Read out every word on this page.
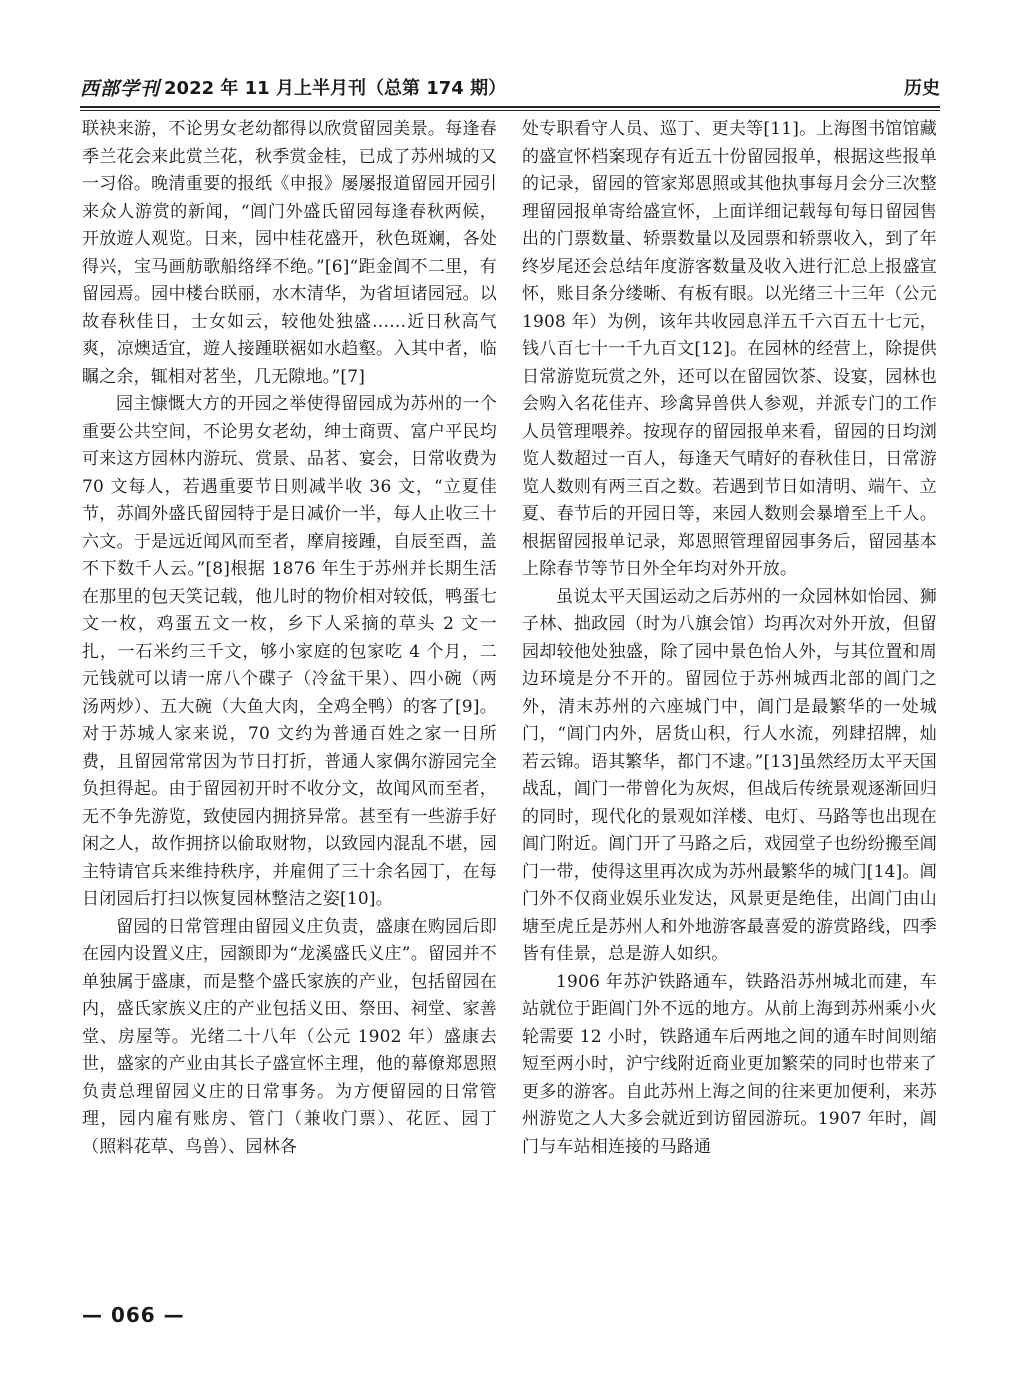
西部学刊 2022 年 11 月上半月刊（总第 174 期）	历史

联袂来游，不论男女老幼都得以欣赏留园美景。每逢春季兰花会来此赏兰花，秋季赏金桂，已成了苏州城的又一习俗。晚清重要的报纸《申报》屡屡报道留园开园引来众人游赏的新闻，“阊门外盛氏留园每逢春秋两候，开放遊人观览。日来，园中桂花盛开，秋色斑斓，各处得兴，宝马画舫歌船络绎不绝。”[6]“距金阊不二里，有留园焉。园中楼台眹丽，水木清华，为省垣诸园冠。以故春秋佳日，士女如云，较他处独盛……近日秋高气爽，凉燠适宜，遊人接踵联裾如水趋壑。入其中者，临瞩之余，辄相对茗坐，几无隙地。”[7]

园主慷慨大方的开园之举使得留园成为苏州的一个重要公共空间，不论男女老幼，绅士商贾、富户平民均可来这方园林内游玩、赏景、品茗、宴会，日常收费为 70 文每人，若遇重要节日则减半收 36 文，“立夏佳节，苏阊外盛氏留园特于是日减价一半，每人止收三十六文。于是远近闻风而至者，摩肩接踵，自辰至酉，盖不下数千人云。”[8]根据 1876 年生于苏州并长期生活在那里的包天笑记载，他儿时的物价相对较低，鸭蛋七文一枚，鸡蛋五文一枚，乡下人采摘的草头 2 文一扎，一石米约三千文，够小家庭的包家吃 4 个月，二元钱就可以请一席八个碟子（冷盆干果）、四小碗（两汤两炒）、五大碗（大鱼大肉，全鸡全鸭）的客了[9]。对于苏城人家来说，70 文约为普通百姓之家一日所费，且留园常常因为节日打折，普通人家偶尔游园完全负担得起。由于留园初开时不收分文，故闻风而至者，无不争先游览，致使园内拥挤异常。甚至有一些游手好闲之人，故作拥挤以偷取财物，以致园内混乱不堪，园主特请官兵来维持秩序，并雇佣了三十余名园丁，在每日闭园后打扫以恢复园林整洁之姿[10]。

留园的日常管理由留园义庄负责，盛康在购园后即在园内设置义庄，园额即为“龙溪盛氏义庄”。留园并不单独属于盛康，而是整个盛氏家族的产业，包括留园在内，盛氏家族义庄的产业包括义田、祭田、祠堂、家善堂、房屋等。光绪二十八年（公元 1902 年）盛康去世，盛家的产业由其长子盛宣怀主理，他的幕僚郑恩照负责总理留园义庄的日常事务。为方便留园的日常管理，园内雇有账房、管门（兼收门票）、花匠、园丁（照料花草、鸟兽）、园林各

处专职看守人员、巡丁、更夫等[11]。上海图书馆馆藏的盛宣怀档案现存有近五十份留园报单，根据这些报单的记录，留园的管家郑恩照或其他执事每月会分三次整理留园报单寄给盛宣怀，上面详细记载每旬每日留园售出的门票数量、轿票数量以及园票和轿票收入，到了年终岁尾还会总结年度游客数量及收入进行汇总上报盛宣怀，账目条分缕晰、有板有眼。以光绪三十三年（公元 1908 年）为例，该年共收园息洋五千六百五十七元，钱八百七十一千九百文[12]。在园林的经营上，除提供日常游览玩赏之外，还可以在留园饮茶、设宴，园林也会购入名花佳卉、珍禽异兽供人参观，并派专门的工作人员管理喂养。按现存的留园报单来看，留园的日均浏览人数超过一百人，每逢天气晴好的春秋佳日，日常游览人数则有两三百之数。若遇到节日如清明、端午、立夏、春节后的开园日等，来园人数则会暴增至上千人。根据留园报单记录，郑恩照管理留园事务后，留园基本上除春节等节日外全年均对外开放。

虽说太平天国运动之后苏州的一众园林如怡园、狮子林、拙政园（时为八旗会馆）均再次对外开放，但留园却较他处独盛，除了园中景色怡人外，与其位置和周边环境是分不开的。留园位于苏州城西北部的阊门之外，清末苏州的六座城门中，阊门是最繁华的一处城门，“阊门内外，居货山积，行人水流，列肆招牌，灿若云锦。语其繁华，都门不逮。”[13]虽然经历太平天国战乱，阊门一带曾化为灰烬，但战后传统景观逐渐回归的同时，现代化的景观如洋楼、电灯、马路等也出现在阊门附近。阊门开了马路之后，戏园堂子也纷纷搬至阊门一带，使得这里再次成为苏州最繁华的城门[14]。阊门外不仅商业娱乐业发达，风景更是绝佳，出阊门由山塘至虎丘是苏州人和外地游客最喜爱的游赏路线，四季皆有佳景，总是游人如织。

1906 年苏沪铁路通车，铁路沿苏州城北而建，车站就位于距阊门外不远的地方。从前上海到苏州乘小火轮需要 12 小时，铁路通车后两地之间的通车时间则缩短至两小时，沪宁线附近商业更加繁荣的同时也带来了更多的游客。自此苏州上海之间的往来更加便利，来苏州游览之人大多会就近到访留园游玩。1907 年时，阊门与车站相连接的马路通

— 066 —
